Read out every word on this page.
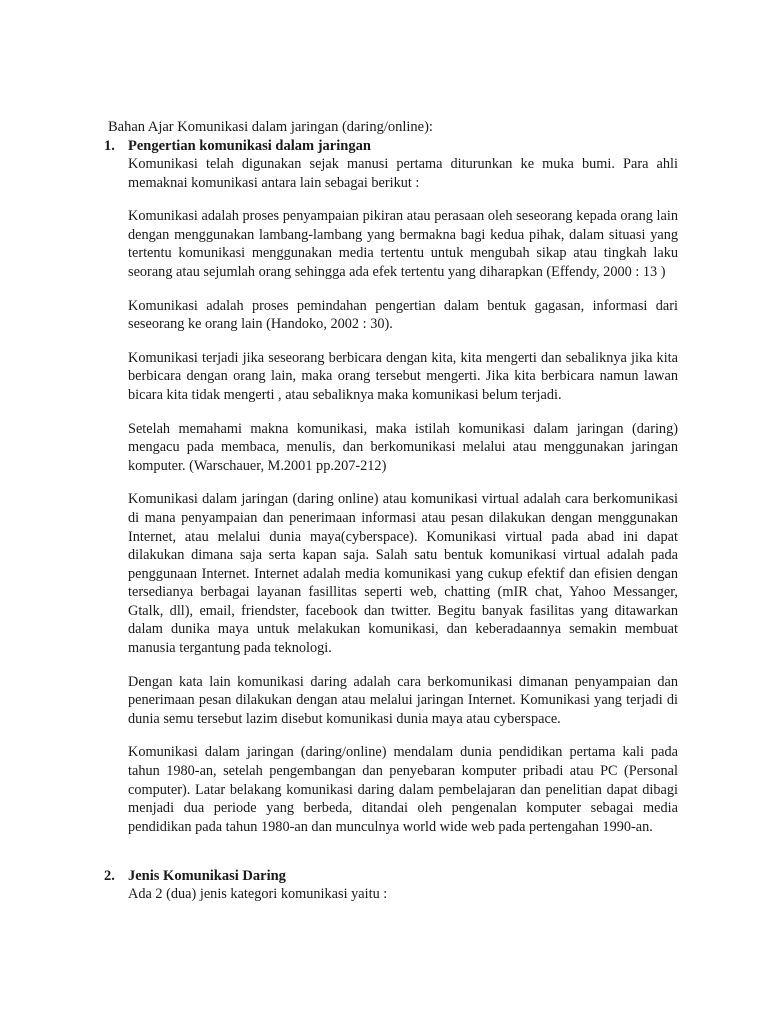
Bahan Ajar Komunikasi dalam jaringan (daring/online):
1. Pengertian komunikasi dalam jaringan

Komunikasi telah digunakan sejak manusi pertama diturunkan ke muka bumi. Para ahli memaknai komunikasi antara lain sebagai berikut :

Komunikasi adalah proses penyampaian pikiran atau perasaan oleh seseorang kepada orang lain dengan menggunakan lambang-lambang yang bermakna bagi kedua pihak, dalam situasi yang tertentu komunikasi menggunakan media tertentu untuk mengubah sikap atau tingkah laku seorang atau sejumlah orang sehingga ada efek tertentu yang diharapkan (Effendy, 2000 : 13 )

Komunikasi adalah proses pemindahan pengertian dalam bentuk gagasan, informasi dari seseorang ke orang lain (Handoko, 2002 : 30).

Komunikasi terjadi jika seseorang berbicara dengan kita, kita mengerti dan sebaliknya jika kita berbicara dengan orang lain, maka orang tersebut mengerti. Jika kita berbicara namun lawan bicara kita tidak mengerti , atau sebaliknya maka komunikasi belum terjadi.

Setelah memahami makna komunikasi, maka istilah komunikasi dalam jaringan (daring) mengacu pada membaca, menulis, dan berkomunikasi melalui atau menggunakan jaringan komputer. (Warschauer, M.2001 pp.207-212)

Komunikasi dalam jaringan (daring online) atau komunikasi virtual adalah cara berkomunikasi di mana penyampaian dan penerimaan informasi atau pesan dilakukan dengan menggunakan Internet, atau melalui dunia maya(cyberspace). Komunikasi virtual pada abad ini dapat dilakukan dimana saja serta kapan saja. Salah satu bentuk komunikasi virtual adalah pada penggunaan Internet. Internet adalah media komunikasi yang cukup efektif dan efisien dengan tersedianya berbagai layanan fasillitas seperti web, chatting (mIR chat, Yahoo Messanger, Gtalk, dll), email, friendster, facebook dan twitter. Begitu banyak fasilitas yang ditawarkan dalam dunika maya untuk melakukan komunikasi, dan keberadaannya semakin membuat manusia tergantung pada teknologi.

Dengan kata lain komunikasi daring adalah cara berkomunikasi dimanan penyampaian dan penerimaan pesan dilakukan dengan atau melalui jaringan Internet. Komunikasi yang terjadi di dunia semu tersebut lazim disebut komunikasi dunia maya atau cyberspace.

Komunikasi dalam jaringan (daring/online) mendalam dunia pendidikan pertama kali pada tahun 1980-an, setelah pengembangan dan penyebaran komputer pribadi atau PC (Personal computer). Latar belakang komunikasi daring dalam pembelajaran dan penelitian dapat dibagi menjadi dua periode yang berbeda, ditandai oleh pengenalan komputer sebagai media pendidikan pada tahun 1980-an dan munculnya world wide web pada pertengahan 1990-an.

2. Jenis Komunikasi Daring

Ada 2 (dua) jenis kategori komunikasi yaitu :
